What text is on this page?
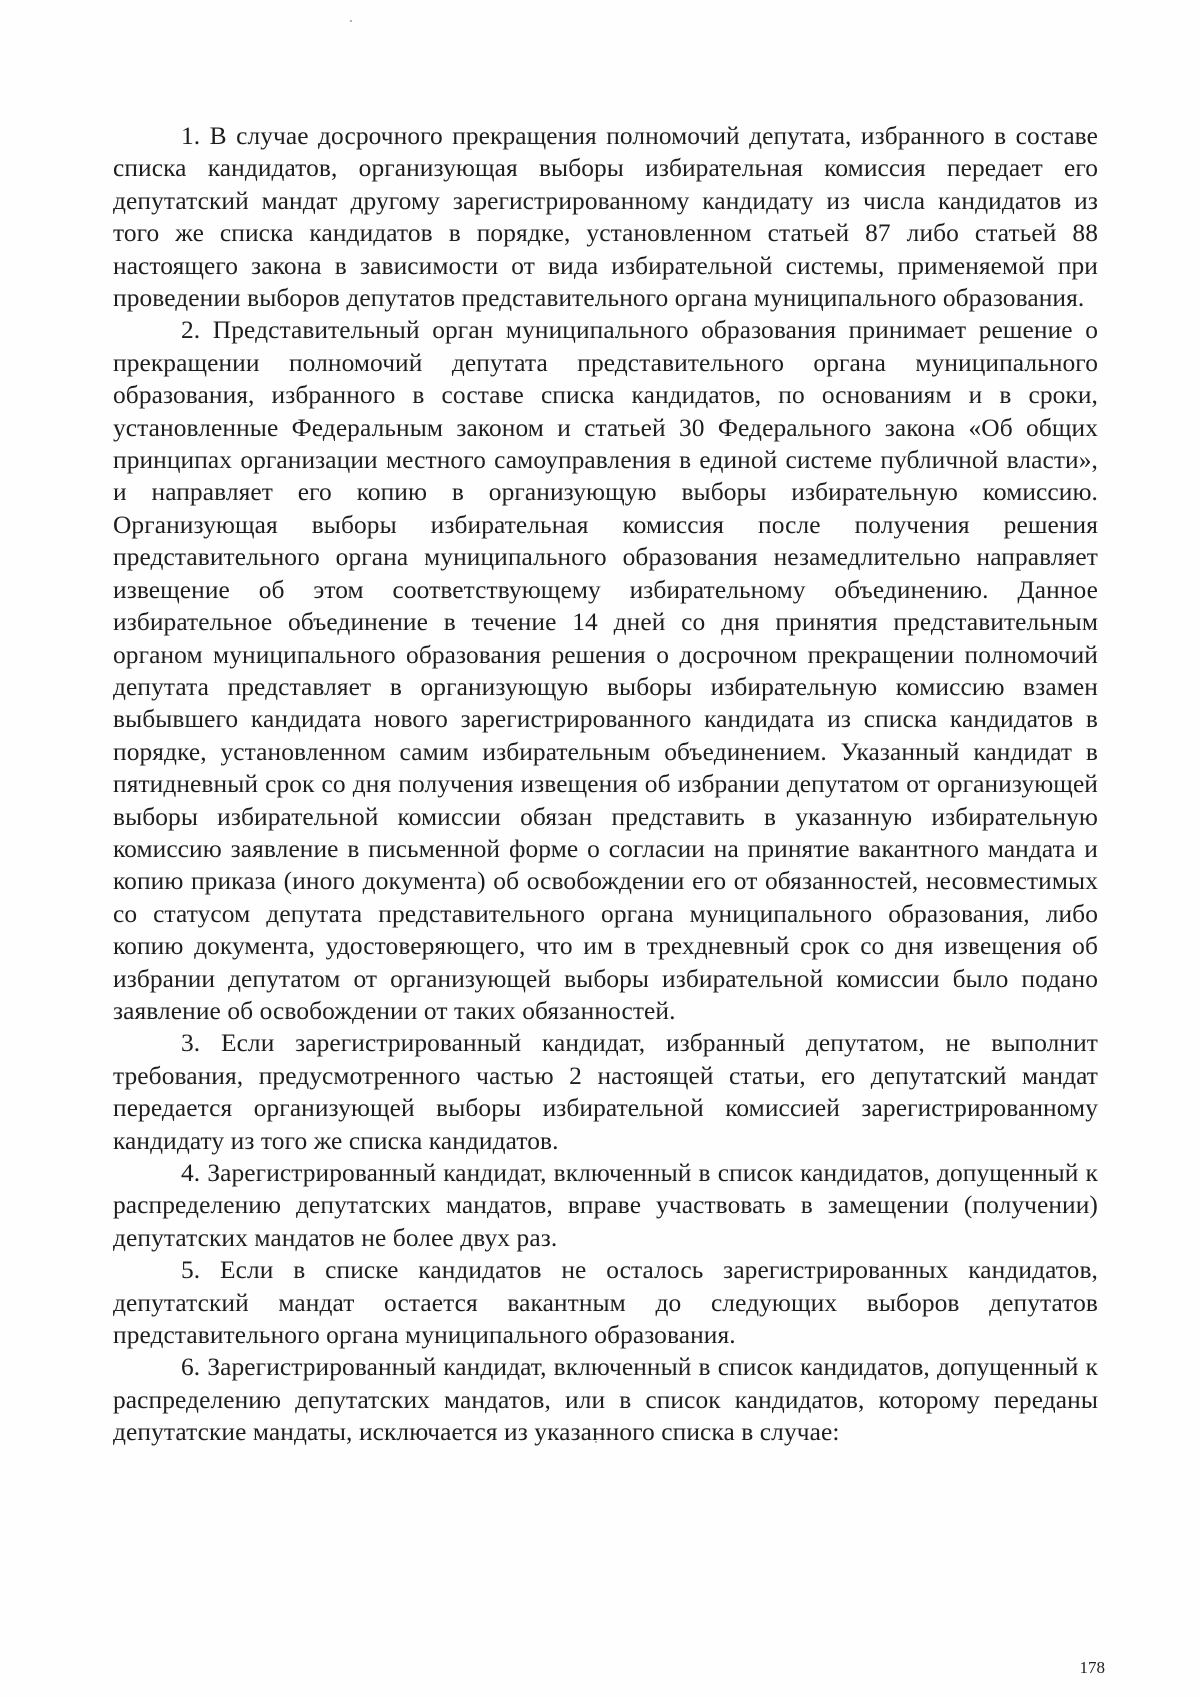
1. В случае досрочного прекращения полномочий депутата, избранного в составе списка кандидатов, организующая выборы избирательная комиссия передает его депутатский мандат другому зарегистрированному кандидату из числа кандидатов из того же списка кандидатов в порядке, установленном статьей 87 либо статьей 88 настоящего закона в зависимости от вида избирательной системы, применяемой при проведении выборов депутатов представительного органа муниципального образования.

2. Представительный орган муниципального образования принимает решение о прекращении полномочий депутата представительного органа муниципального образования, избранного в составе списка кандидатов, по основаниям и в сроки, установленные Федеральным законом и статьей 30 Федерального закона «Об общих принципах организации местного самоуправления в единой системе публичной власти», и направляет его копию в организующую выборы избирательную комиссию. Организующая выборы избирательная комиссия после получения решения представительного органа муниципального образования незамедлительно направляет извещение об этом соответствующему избирательному объединению. Данное избирательное объединение в течение 14 дней со дня принятия представительным органом муниципального образования решения о досрочном прекращении полномочий депутата представляет в организующую выборы избирательную комиссию взамен выбывшего кандидата нового зарегистрированного кандидата из списка кандидатов в порядке, установленном самим избирательным объединением. Указанный кандидат в пятидневный срок со дня получения извещения об избрании депутатом от организующей выборы избирательной комиссии обязан представить в указанную избирательную комиссию заявление в письменной форме о согласии на принятие вакантного мандата и копию приказа (иного документа) об освобождении его от обязанностей, несовместимых со статусом депутата представительного органа муниципального образования, либо копию документа, удостоверяющего, что им в трехдневный срок со дня извещения об избрании депутатом от организующей выборы избирательной комиссии было подано заявление об освобождении от таких обязанностей.

3. Если зарегистрированный кандидат, избранный депутатом, не выполнит требования, предусмотренного частью 2 настоящей статьи, его депутатский мандат передается организующей выборы избирательной комиссией зарегистрированному кандидату из того же списка кандидатов.

4. Зарегистрированный кандидат, включенный в список кандидатов, допущенный к распределению депутатских мандатов, вправе участвовать в замещении (получении) депутатских мандатов не более двух раз.

5. Если в списке кандидатов не осталось зарегистрированных кандидатов, депутатский мандат остается вакантным до следующих выборов депутатов представительного органа муниципального образования.

6. Зарегистрированный кандидат, включенный в список кандидатов, допущенный к распределению депутатских мандатов, или в список кандидатов, которому переданы депутатские мандаты, исключается из указанного списка в случае:

178
